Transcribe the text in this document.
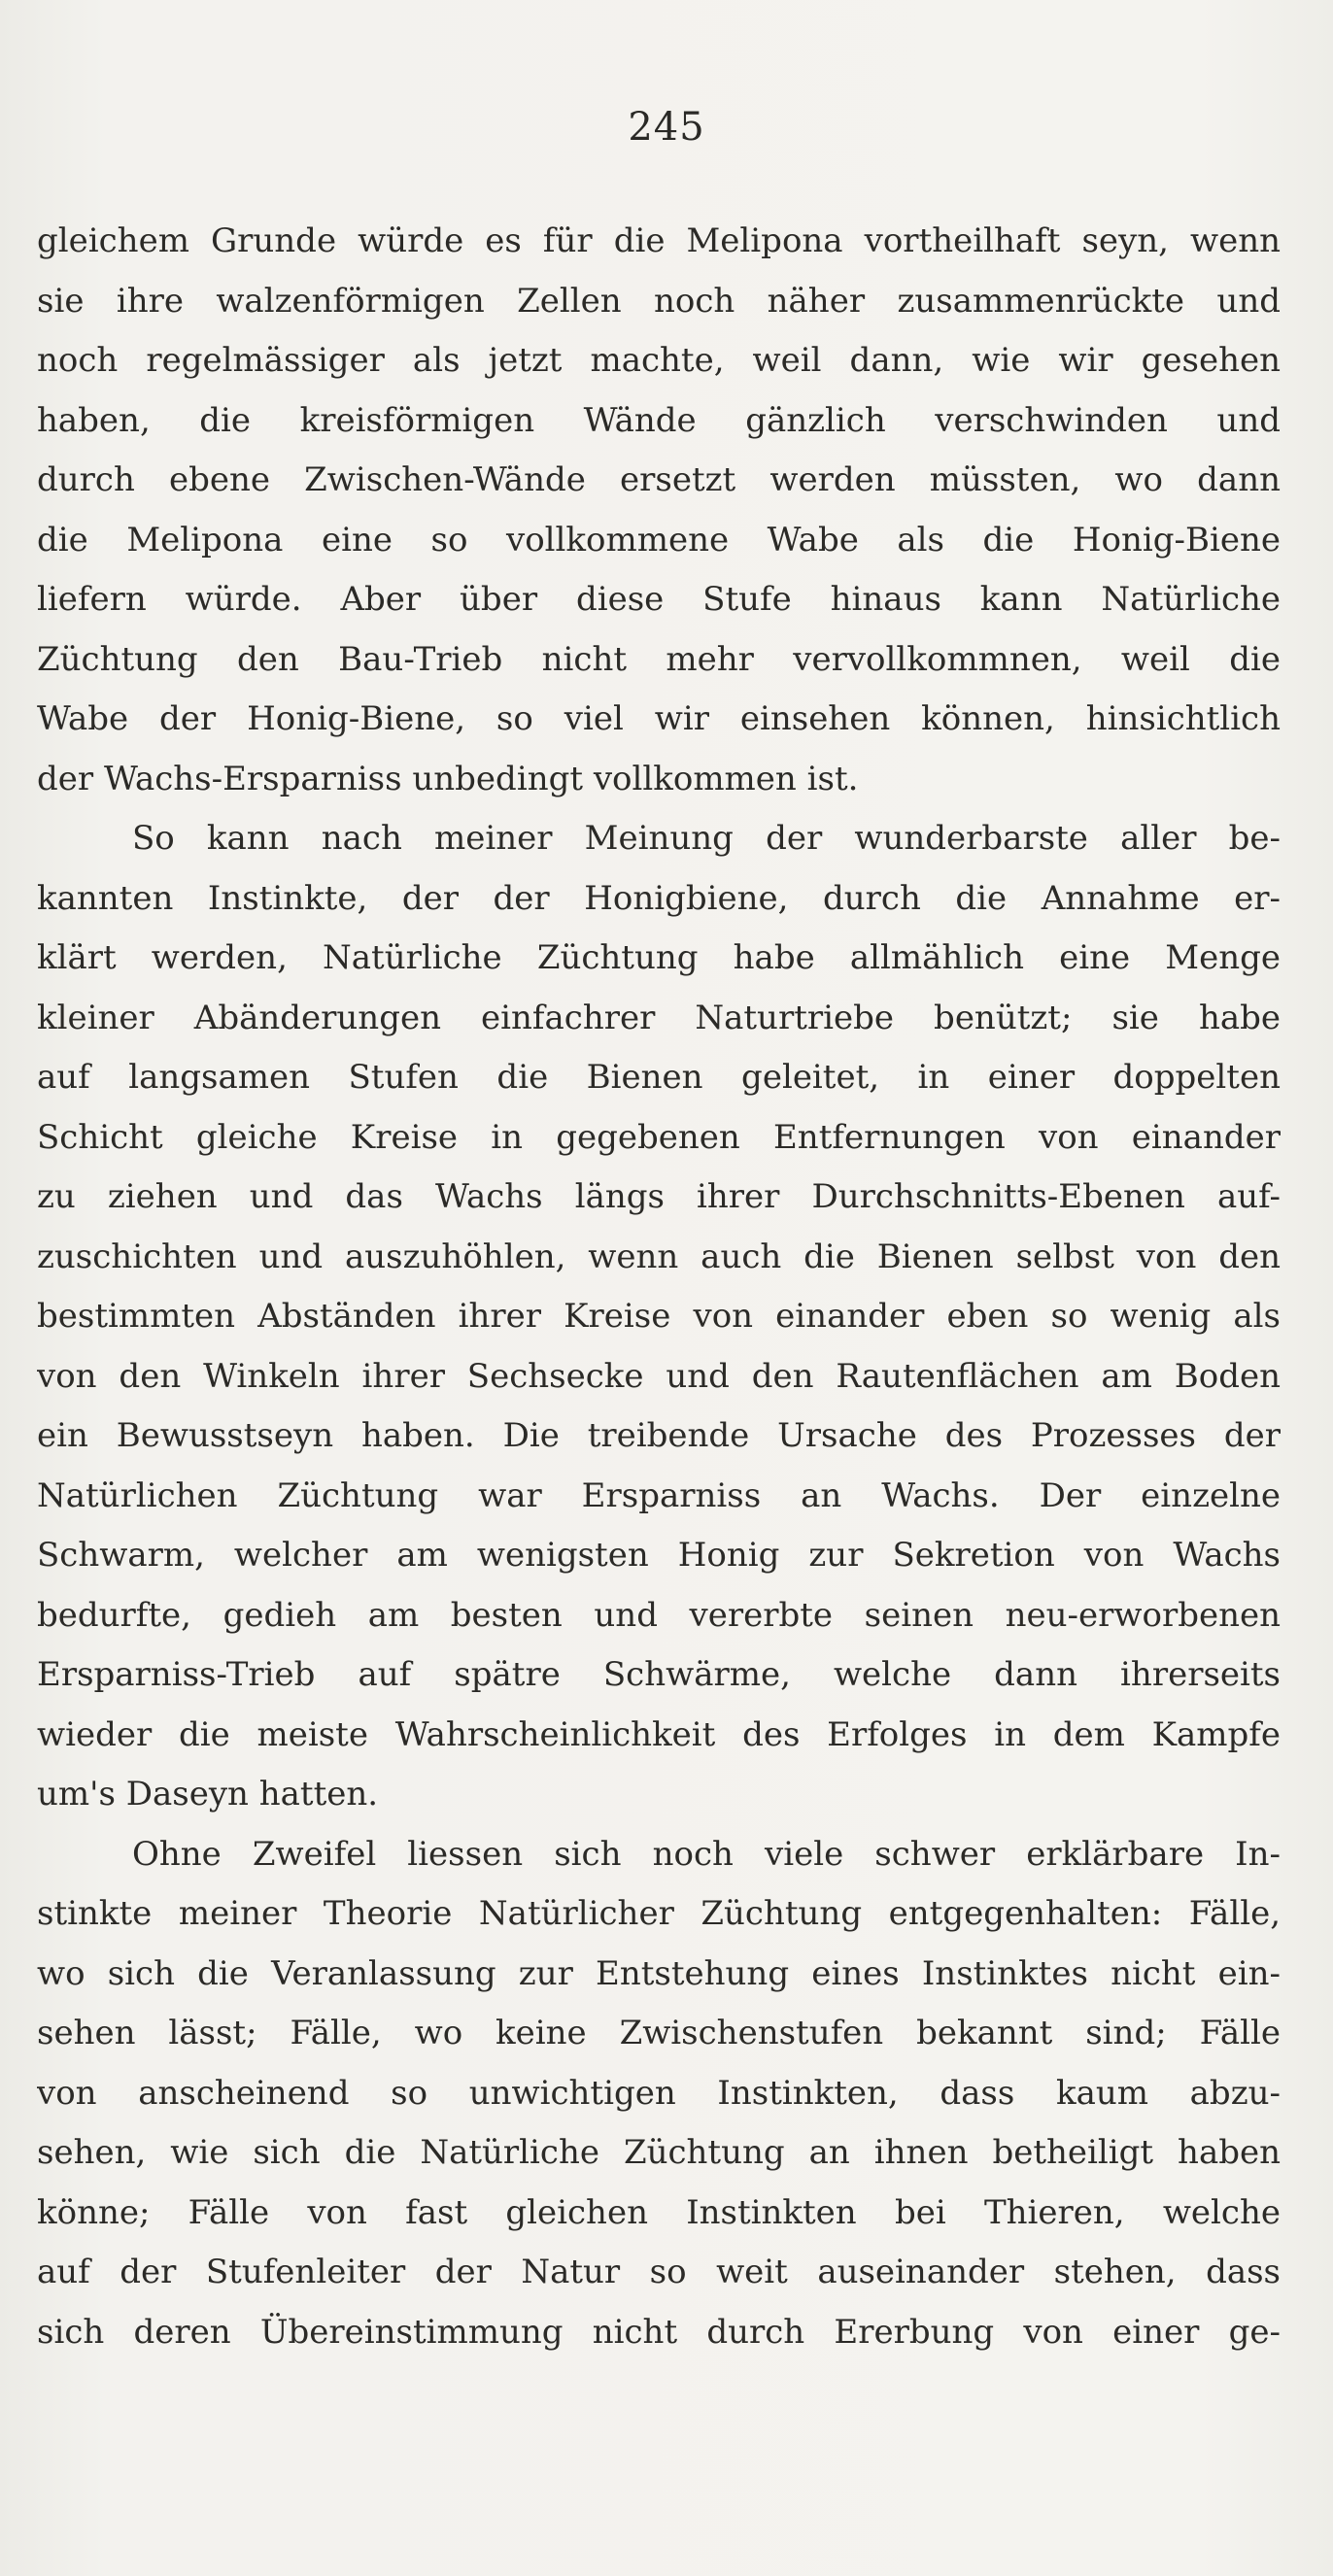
245
gleichem Grunde würde es für die Melipona vortheilhaft seyn, wenn
sie ihre walzenförmigen Zellen noch näher zusammenrückte und
noch regelmässiger als jetzt machte, weil dann, wie wir gesehen
haben, die kreisförmigen Wände gänzlich verschwinden und
durch ebene Zwischen-Wände ersetzt werden müssten, wo dann
die Melipona eine so vollkommene Wabe als die Honig-Biene
liefern würde. Aber über diese Stufe hinaus kann Natürliche
Züchtung den Bau-Trieb nicht mehr vervollkommnen, weil die
Wabe der Honig-Biene, so viel wir einsehen können, hinsichtlich
der Wachs-Ersparniss unbedingt vollkommen ist.
So kann nach meiner Meinung der wunderbarste aller be-
kannten Instinkte, der der Honigbiene, durch die Annahme er-
klärt werden, Natürliche Züchtung habe allmählich eine Menge
kleiner Abänderungen einfachrer Naturtriebe benützt; sie habe
auf langsamen Stufen die Bienen geleitet, in einer doppelten
Schicht gleiche Kreise in gegebenen Entfernungen von einander
zu ziehen und das Wachs längs ihrer Durchschnitts-Ebenen auf-
zuschichten und auszuhöhlen, wenn auch die Bienen selbst von den
bestimmten Abständen ihrer Kreise von einander eben so wenig als
von den Winkeln ihrer Sechsecke und den Rautenflächen am Boden
ein Bewusstseyn haben. Die treibende Ursache des Prozesses der
Natürlichen Züchtung war Ersparniss an Wachs. Der einzelne
Schwarm, welcher am wenigsten Honig zur Sekretion von Wachs
bedurfte, gedieh am besten und vererbte seinen neu-erworbenen
Ersparniss-Trieb auf spätre Schwärme, welche dann ihrerseits
wieder die meiste Wahrscheinlichkeit des Erfolges in dem Kampfe
um's Daseyn hatten.
Ohne Zweifel liessen sich noch viele schwer erklärbare In-
stinkte meiner Theorie Natürlicher Züchtung entgegenhalten: Fälle,
wo sich die Veranlassung zur Entstehung eines Instinktes nicht ein-
sehen lässt; Fälle, wo keine Zwischenstufen bekannt sind; Fälle
von anscheinend so unwichtigen Instinkten, dass kaum abzu-
sehen, wie sich die Natürliche Züchtung an ihnen betheiligt haben
könne; Fälle von fast gleichen Instinkten bei Thieren, welche
auf der Stufenleiter der Natur so weit auseinander stehen, dass
sich deren Übereinstimmung nicht durch Ererbung von einer ge-
